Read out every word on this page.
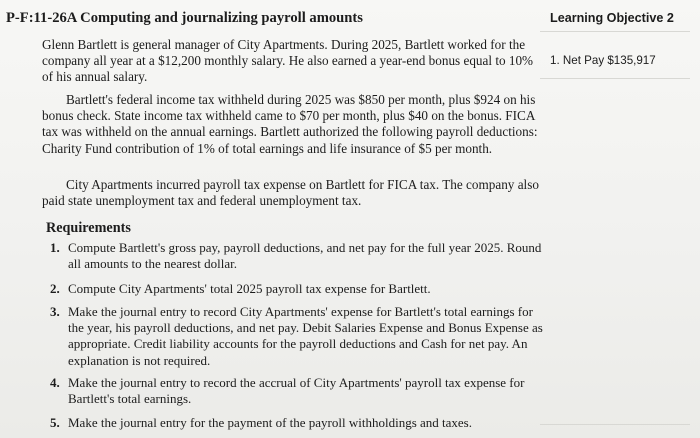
P-F:11-26A Computing and journalizing payroll amounts	Learning Objective 2
1. Net Pay $135,917

Glenn Bartlett is general manager of City Apartments. During 2025, Bartlett worked for the company all year at a $12,200 monthly salary. He also earned a year-end bonus equal to 10% of his annual salary.

Bartlett's federal income tax withheld during 2025 was $850 per month, plus $924 on his bonus check. State income tax withheld came to $70 per month, plus $40 on the bonus. FICA tax was withheld on the annual earnings. Bartlett authorized the following payroll deductions: Charity Fund contribution of 1% of total earnings and life insurance of $5 per month.

City Apartments incurred payroll tax expense on Bartlett for FICA tax. The company also paid state unemployment tax and federal unemployment tax.

Requirements
1. Compute Bartlett's gross pay, payroll deductions, and net pay for the full year 2025. Round all amounts to the nearest dollar.
2. Compute City Apartments' total 2025 payroll tax expense for Bartlett.
3. Make the journal entry to record City Apartments' expense for Bartlett's total earnings for the year, his payroll deductions, and net pay. Debit Salaries Expense and Bonus Expense as appropriate. Credit liability accounts for the payroll deductions and Cash for net pay. An explanation is not required.
4. Make the journal entry to record the accrual of City Apartments' payroll tax expense for Bartlett's total earnings.
5. Make the journal entry for the payment of the payroll withholdings and taxes.
